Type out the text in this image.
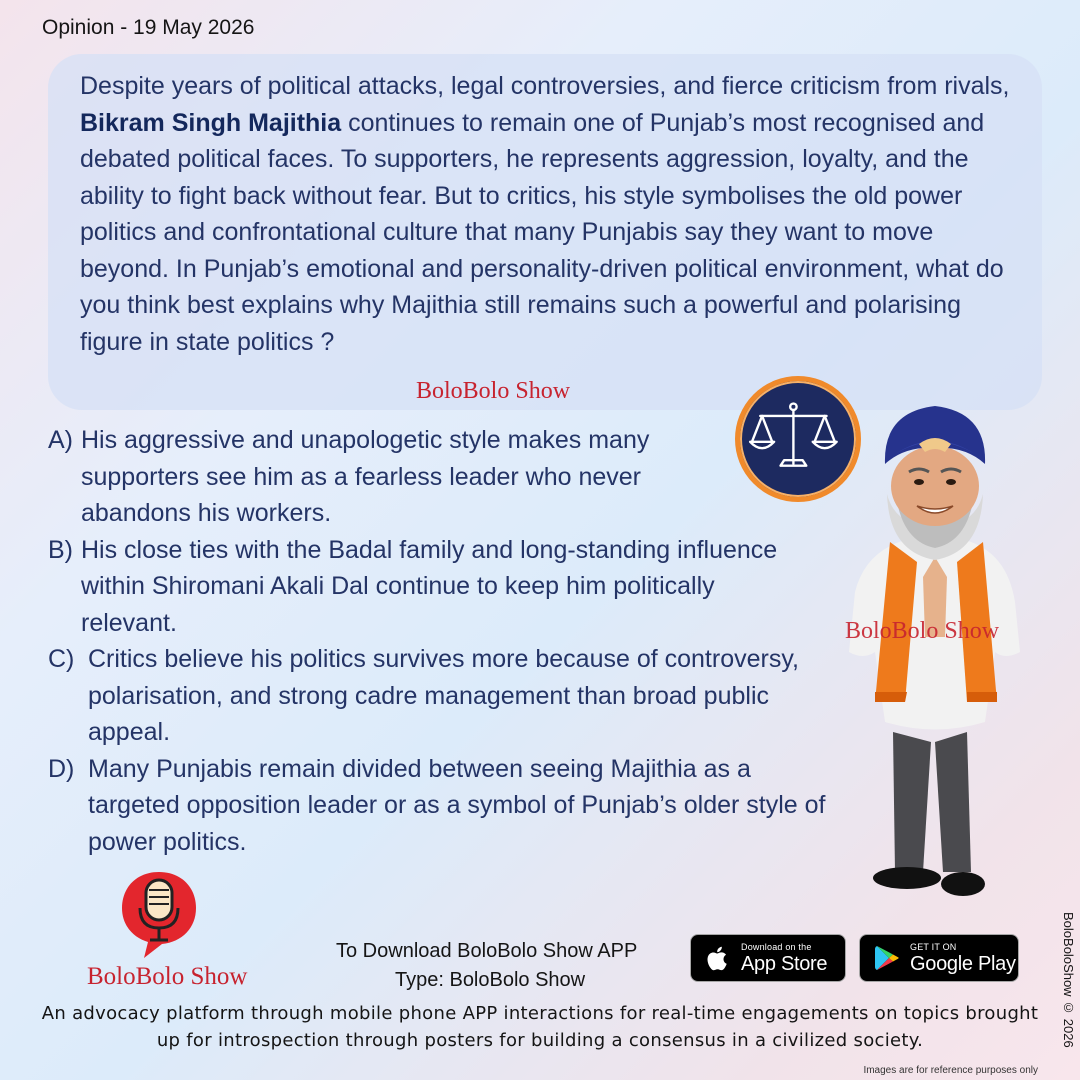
Opinion - 19 May 2026

Despite years of political attacks, legal controversies, and fierce criticism from rivals, Bikram Singh Majithia continues to remain one of Punjab’s most recognised and debated political faces. To supporters, he represents aggression, loyalty, and the ability to fight back without fear. But to critics, his style symbolises the old power politics and confrontational culture that many Punjabis say they want to move beyond. In Punjab’s emotional and personality-driven political environment, what do you think best explains why Majithia still remains such a powerful and polarising figure in state politics ?

BoloBolo Show
A) His aggressive and unapologetic style makes many supporters see him as a fearless leader who never abandons his workers.
B) His close ties with the Badal family and long-standing influence within Shiromani Akali Dal continue to keep him politically relevant.
C) Critics believe his politics survives more because of controversy, polarisation, and strong cadre management than broad public appeal.
D) Many Punjabis remain divided between seeing Majithia as a targeted opposition leader or as a symbol of Punjab’s older style of power politics.
BoloBolo Show
BoloBolo Show
To Download BoloBolo Show APP
Type: BoloBolo Show
Download on the
App Store
GET IT ON
Google Play
An advocacy platform through mobile phone APP interactions for real-time engagements on topics brought up for introspection through posters for building a consensus in a civilized society.	BoloBoloShow © 2026
Images are for reference purposes only
